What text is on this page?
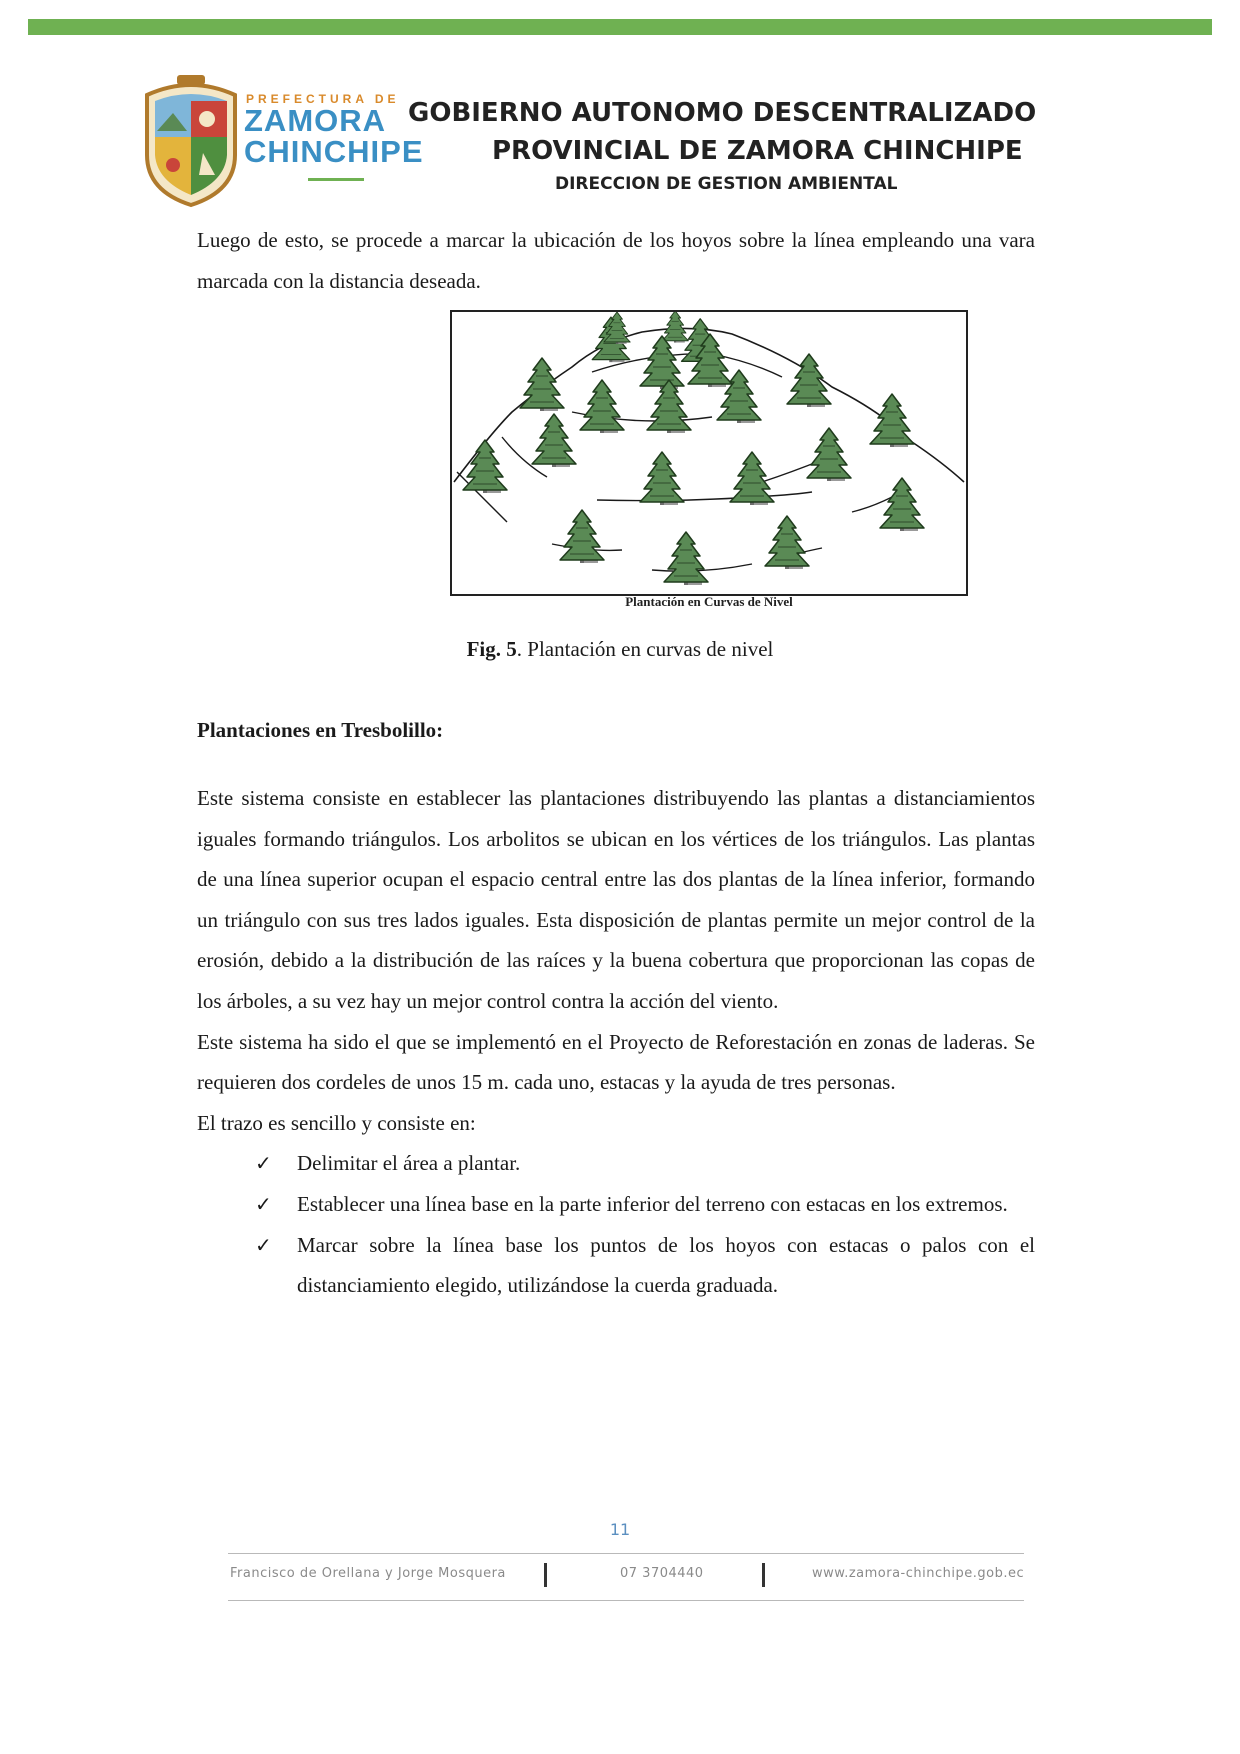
PREFECTURA DE
ZAMORA
CHINCHIPE
GOBIERNO AUTONOMO DESCENTRALIZADO
PROVINCIAL DE ZAMORA CHINCHIPE
DIRECCION DE GESTION AMBIENTAL

Luego de esto, se procede a marcar la ubicación de los hoyos sobre la línea empleando una vara marcada con la distancia deseada.

Plantación en Curvas de Nivel
Fig. 5. Plantación en curvas de nivel
Plantaciones en Tresbolillo:

Este sistema consiste en establecer las plantaciones distribuyendo las plantas a distanciamientos iguales formando triángulos. Los arbolitos se ubican en los vértices de los triángulos. Las plantas de una línea superior ocupan el espacio central entre las dos plantas de la línea inferior, formando un triángulo con sus tres lados iguales. Esta disposición de plantas permite un mejor control de la erosión, debido a la distribución de las raíces y la buena cobertura que proporcionan las copas de los árboles, a su vez hay un mejor control contra la acción del viento.

Este sistema ha sido el que se implementó en el Proyecto de Reforestación en zonas de laderas. Se requieren dos cordeles de unos 15 m. cada uno, estacas y la ayuda de tres personas.

El trazo es sencillo y consiste en:

✓ Delimitar el área a plantar.
✓ Establecer una línea base en la parte inferior del terreno con estacas en los extremos.
✓ Marcar sobre la línea base los puntos de los hoyos con estacas o palos con el distanciamiento elegido, utilizándose la cuerda graduada.
11
Francisco de Orellana y Jorge Mosquera	07 3704440	www.zamora-chinchipe.gob.ec
